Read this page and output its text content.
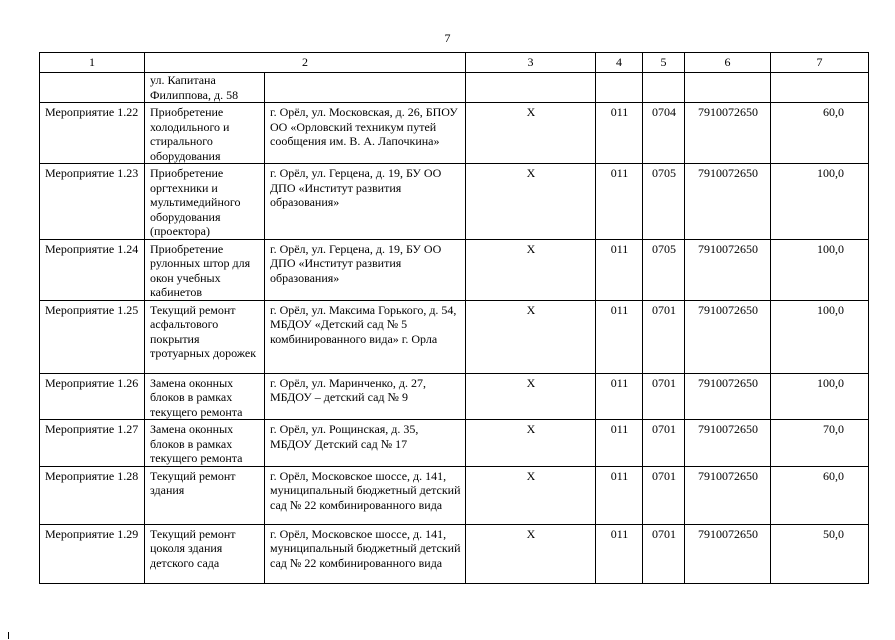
7
1	2		3	4	5	6	7
	ул. Капитана Филиппова, д. 58						
Мероприятие 1.22	Приобретение холодильного и стирального оборудования	г. Орёл, ул. Московская, д. 26, БПОУ ОО «Орловский техникум путей сообщения им. В. А. Лапочкина»	Х	011	0704	7910072650	60,0
Мероприятие 1.23	Приобретение оргтехники и мультимедийного оборудования (проектора)	г. Орёл, ул. Герцена, д. 19, БУ ОО ДПО «Институт развития образования»	Х	011	0705	7910072650	100,0
Мероприятие 1.24	Приобретение рулонных штор для окон учебных кабинетов	г. Орёл, ул. Герцена, д. 19, БУ ОО ДПО «Институт развития образования»	Х	011	0705	7910072650	100,0
Мероприятие 1.25	Текущий ремонт асфальтового покрытия тротуарных дорожек	г. Орёл, ул. Максима Горького, д. 54, МБДОУ «Детский сад № 5 комбинированного вида» г. Орла	Х	011	0701	7910072650	100,0
Мероприятие 1.26	Замена оконных блоков в рамках текущего ремонта	г. Орёл, ул. Маринченко, д. 27, МБДОУ – детский сад № 9	Х	011	0701	7910072650	100,0
Мероприятие 1.27	Замена оконных блоков в рамках текущего ремонта	г. Орёл, ул. Рощинская, д. 35, МБДОУ Детский сад № 17	Х	011	0701	7910072650	70,0
Мероприятие 1.28	Текущий ремонт здания	г. Орёл, Московское шоссе, д. 141, муниципальный бюджетный детский сад № 22 комбинированного вида	Х	011	0701	7910072650	60,0
Мероприятие 1.29	Текущий ремонт цоколя здания детского сада	г. Орёл, Московское шоссе, д. 141, муниципальный бюджетный детский сад № 22 комбинированного вида	Х	011	0701	7910072650	50,0
